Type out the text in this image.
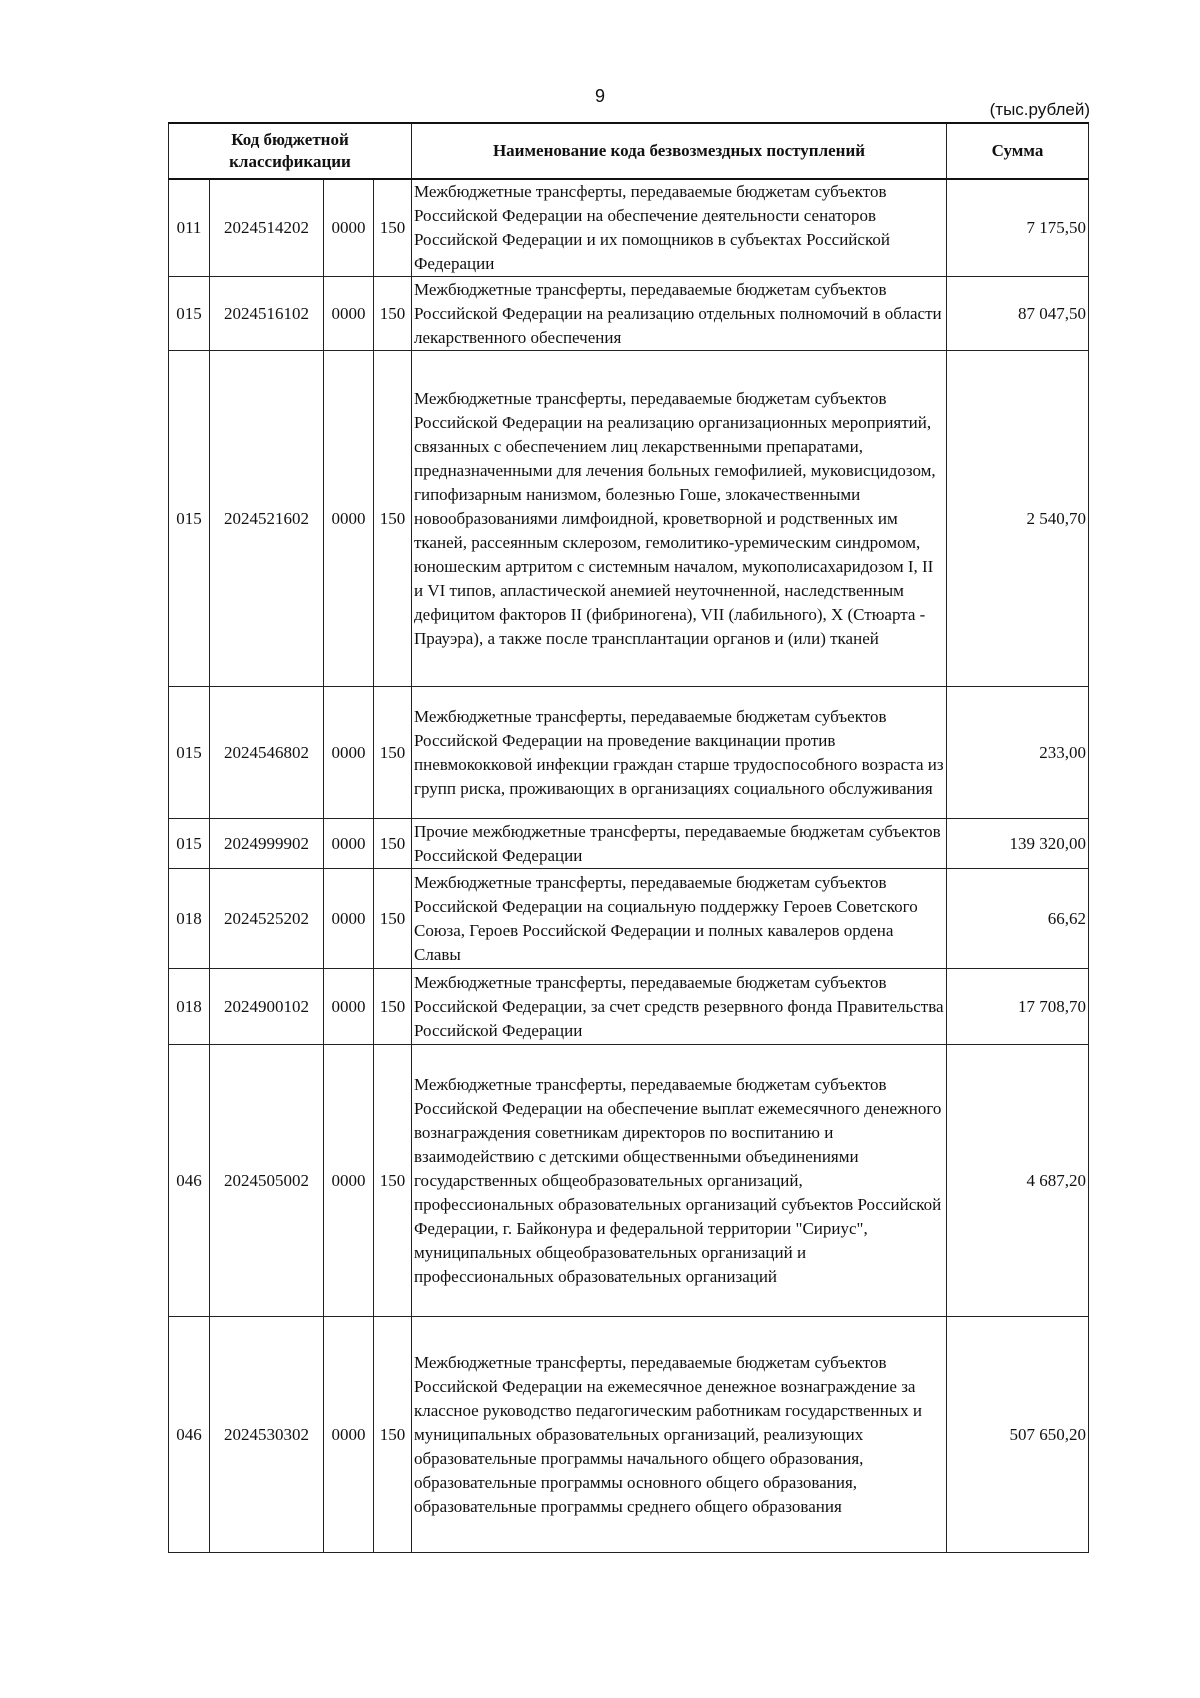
9
(тыс.рублей)
Код бюджетной классификации				Наименование кода безвозмездных поступлений	Сумма
011	2024514202	0000	150	Межбюджетные трансферты, передаваемые бюджетам субъектов Российской Федерации на обеспечение деятельности сенаторов Российской Федерации и их помощников в субъектах Российской Федерации	7 175,50
015	2024516102	0000	150	Межбюджетные трансферты, передаваемые бюджетам субъектов Российской Федерации на реализацию отдельных полномочий в области лекарственного обеспечения	87 047,50
015	2024521602	0000	150	Межбюджетные трансферты, передаваемые бюджетам субъектов Российской Федерации на реализацию организационных мероприятий, связанных с обеспечением лиц лекарственными препаратами, предназначенными для лечения больных гемофилией, муковисцидозом, гипофизарным нанизмом, болезнью Гоше, злокачественными новообразованиями лимфоидной, кроветворной и родственных им тканей, рассеянным склерозом, гемолитико-уремическим синдромом, юношеским артритом с системным началом, мукополисахаридозом I, II и VI типов, апластической анемией неуточненной, наследственным дефицитом факторов II (фибриногена), VII (лабильного), X (Стюарта - Прауэра), а также после трансплантации органов и (или) тканей	2 540,70
015	2024546802	0000	150	Межбюджетные трансферты, передаваемые бюджетам субъектов Российской Федерации на проведение вакцинации против пневмококковой инфекции граждан старше трудоспособного возраста из групп риска, проживающих в организациях социального обслуживания	233,00
015	2024999902	0000	150	Прочие межбюджетные трансферты, передаваемые бюджетам субъектов Российской Федерации	139 320,00
018	2024525202	0000	150	Межбюджетные трансферты, передаваемые бюджетам субъектов Российской Федерации на социальную поддержку Героев Советского Союза, Героев Российской Федерации и полных кавалеров ордена Славы	66,62
018	2024900102	0000	150	Межбюджетные трансферты, передаваемые бюджетам субъектов Российской Федерации, за счет средств резервного фонда Правительства Российской Федерации	17 708,70
046	2024505002	0000	150	Межбюджетные трансферты, передаваемые бюджетам субъектов Российской Федерации на обеспечение выплат ежемесячного денежного вознаграждения советникам директоров по воспитанию и взаимодействию с детскими общественными объединениями государственных общеобразовательных организаций, профессиональных образовательных организаций субъектов Российской Федерации, г. Байконура и федеральной территории "Сириус", муниципальных общеобразовательных организаций и профессиональных образовательных организаций	4 687,20
046	2024530302	0000	150	Межбюджетные трансферты, передаваемые бюджетам субъектов Российской Федерации на ежемесячное денежное вознаграждение за классное руководство педагогическим работникам государственных и муниципальных образовательных организаций, реализующих образовательные программы начального общего образования, образовательные программы основного общего образования, образовательные программы среднего общего образования	507 650,20
